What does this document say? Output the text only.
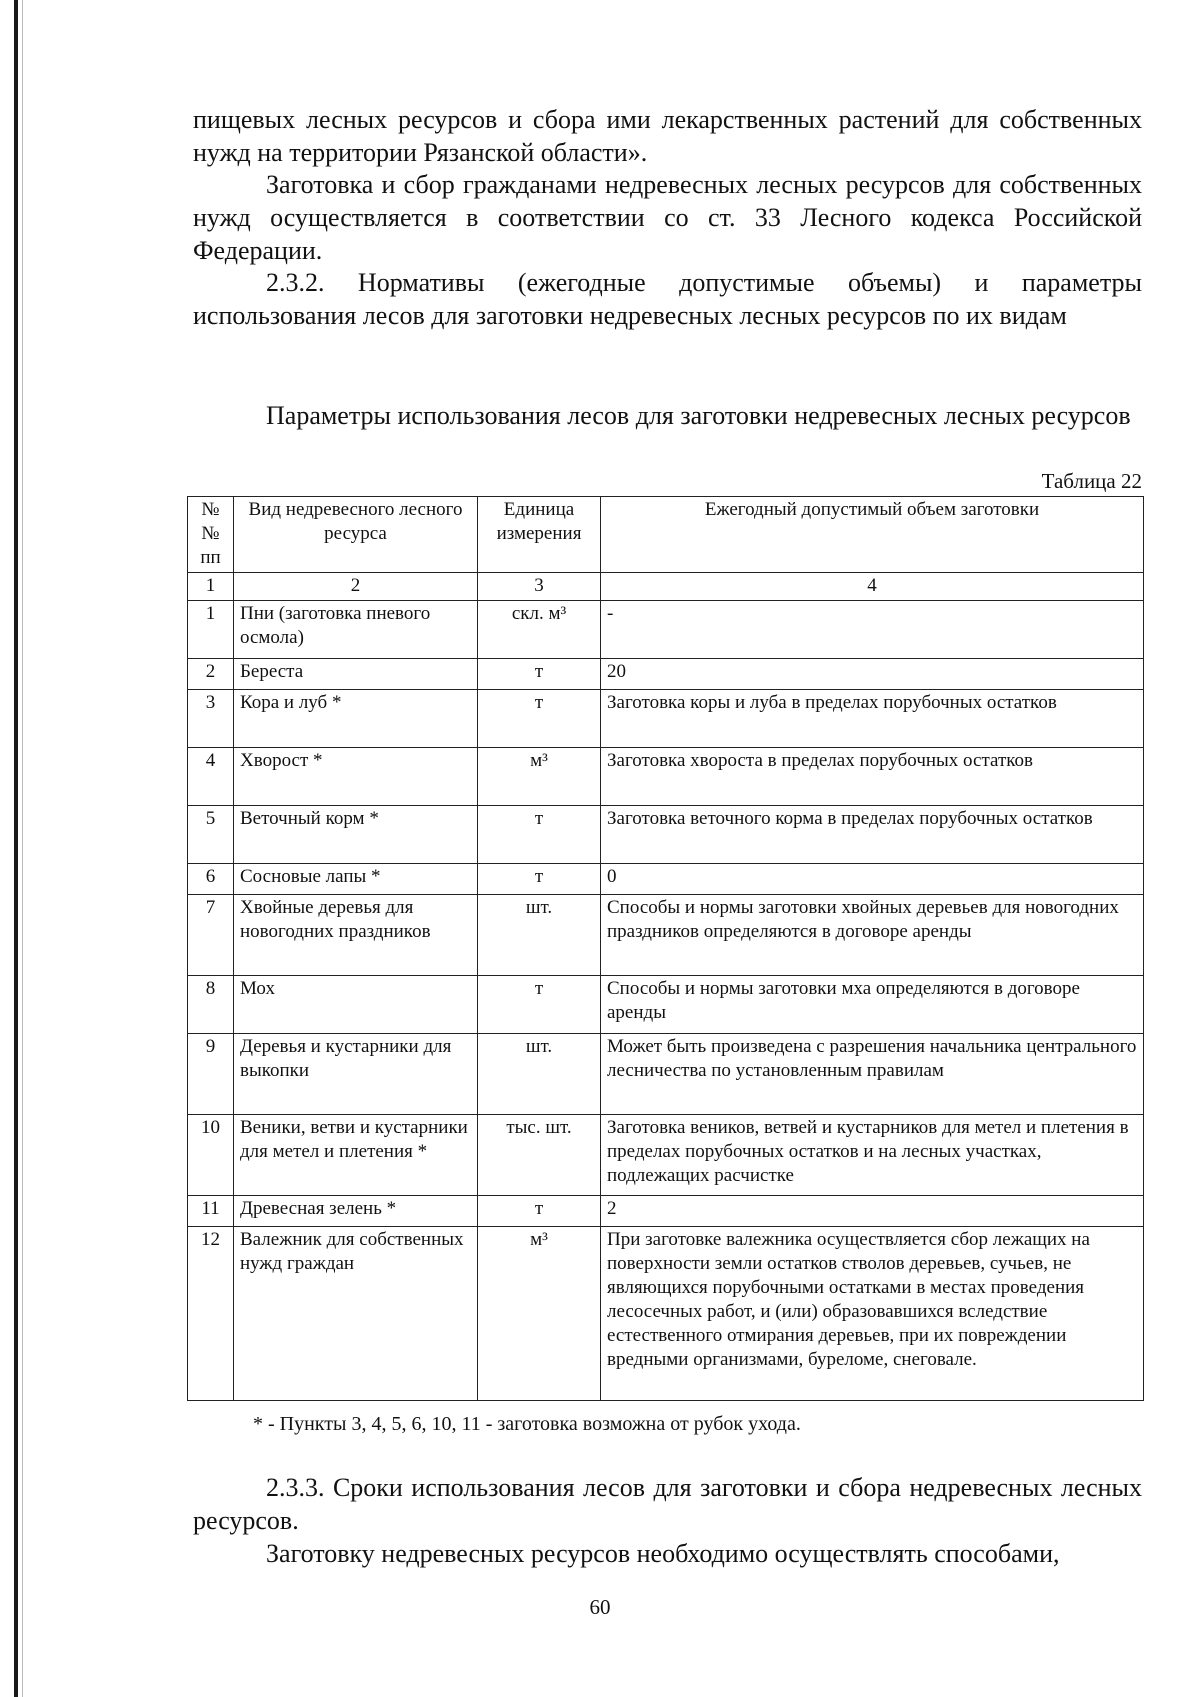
пищевых лесных ресурсов и сбора ими лекарственных растений для собственных нужд на территории Рязанской области».

Заготовка и сбор гражданами недревесных лесных ресурсов для собственных нужд осуществляется в соответствии со ст. 33 Лесного кодекса Российской Федерации.

2.3.2. Нормативы (ежегодные допустимые объемы) и параметры использования лесов для заготовки недревесных лесных ресурсов по их видам

Параметры использования лесов для заготовки недревесных лесных ресурсов

Таблица 22
№№ пп	Вид недревесного лесного ресурса	Единица измерения	Ежегодный допустимый объем заготовки
1	2	3	4
1	Пни (заготовка пневого осмола)	скл. м³	-
2	Береста	т	20
3	Кора и луб *	т	Заготовка коры и луба в пределах порубочных остатков
4	Хворост *	м³	Заготовка хвороста в пределах порубочных остатков
5	Веточный корм *	т	Заготовка веточного корма в пределах порубочных остатков
6	Сосновые лапы *	т	0
7	Хвойные деревья для новогодних праздников	шт.	Способы и нормы заготовки хвойных деревьев для новогодних праздников определяются в договоре аренды
8	Мох	т	Способы и нормы заготовки мха определяются в договоре аренды
9	Деревья и кустарники для выкопки	шт.	Может быть произведена с разрешения начальника центрального лесничества по установленным правилам
10	Веники, ветви и кустарники для метел и плетения *	тыс. шт.	Заготовка веников, ветвей и кустарников для метел и плетения в пределах порубочных остатков и на лесных участках, подлежащих расчистке
11	Древесная зелень *	т	2
12	Валежник для собственных нужд граждан	м³	При заготовке валежника осуществляется сбор лежащих на поверхности земли остатков стволов деревьев, сучьев, не являющихся порубочными остатками в местах проведения лесосечных работ, и (или) образовавшихся вследствие естественного отмирания деревьев, при их повреждении вредными организмами, буреломе, снеговале.

* - Пункты 3, 4, 5, 6, 10, 11 - заготовка возможна от рубок ухода.

2.3.3. Сроки использования лесов для заготовки и сбора недревесных лесных ресурсов.

Заготовку недревесных ресурсов необходимо осуществлять способами,

60
